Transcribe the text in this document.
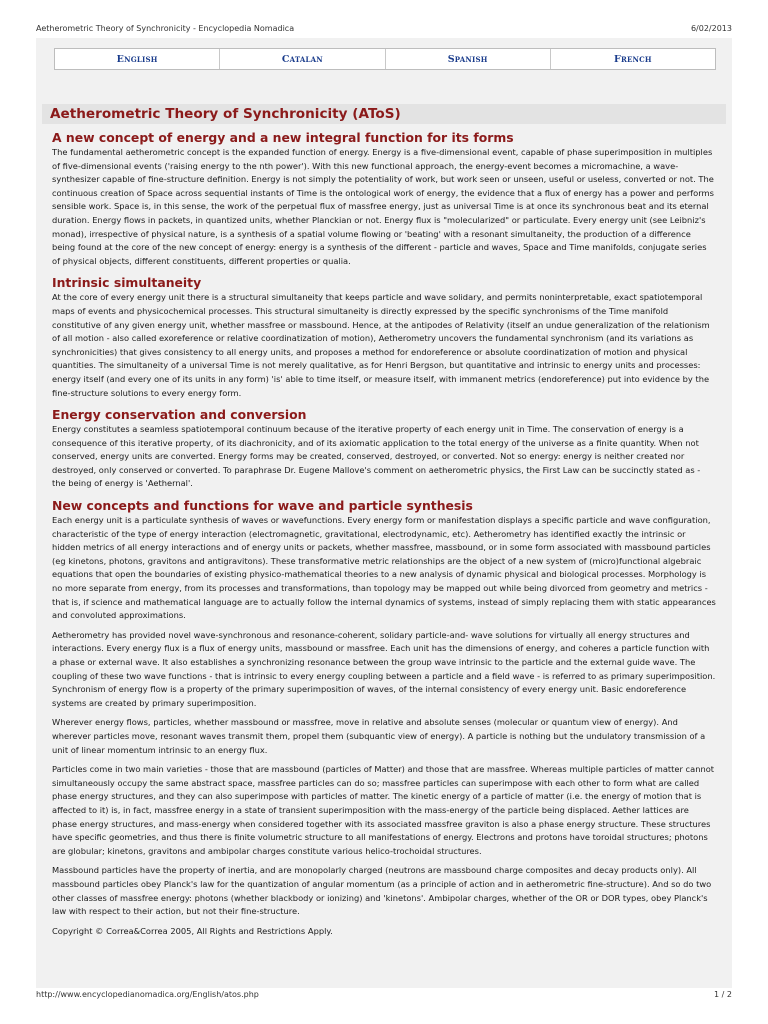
Aetherometric Theory of Synchronicity - Encyclopedia Nomadica	6/02/2013
English	Catalan	Spanish	French
Aetherometric Theory of Synchronicity (AToS)
A new concept of energy and a new integral function for its forms

The fundamental aetherometric concept is the expanded function of energy. Energy is a five-dimensional event, capable of phase superimposition in multiples of five-dimensional events ('raising energy to the nth power'). With this new functional approach, the energy-event becomes a micromachine, a wave-synthesizer capable of fine-structure definition. Energy is not simply the potentiality of work, but work seen or unseen, useful or useless, converted or not. The continuous creation of Space across sequential instants of Time is the ontological work of energy, the evidence that a flux of energy has a power and performs sensible work. Space is, in this sense, the work of the perpetual flux of massfree energy, just as universal Time is at once its synchronous beat and its eternal duration. Energy flows in packets, in quantized units, whether Planckian or not. Energy flux is "molecularized" or particulate. Every energy unit (see Leibniz's monad), irrespective of physical nature, is a synthesis of a spatial volume flowing or 'beating' with a resonant simultaneity, the production of a difference being found at the core of the new concept of energy: energy is a synthesis of the different - particle and waves, Space and Time manifolds, conjugate series of physical objects, different constituents, different properties or qualia.

Intrinsic simultaneity

At the core of every energy unit there is a structural simultaneity that keeps particle and wave solidary, and permits noninterpretable, exact spatiotemporal maps of events and physicochemical processes. This structural simultaneity is directly expressed by the specific synchronisms of the Time manifold constitutive of any given energy unit, whether massfree or massbound. Hence, at the antipodes of Relativity (itself an undue generalization of the relationism of all motion - also called exoreference or relative coordinatization of motion), Aetherometry uncovers the fundamental synchronism (and its variations as synchronicities) that gives consistency to all energy units, and proposes a method for endoreference or absolute coordinatization of motion and physical quantities. The simultaneity of a universal Time is not merely qualitative, as for Henri Bergson, but quantitative and intrinsic to energy units and processes: energy itself (and every one of its units in any form) 'is' able to time itself, or measure itself, with immanent metrics (endoreference) put into evidence by the fine-structure solutions to every energy form.

Energy conservation and conversion

Energy constitutes a seamless spatiotemporal continuum because of the iterative property of each energy unit in Time. The conservation of energy is a consequence of this iterative property, of its diachronicity, and of its axiomatic application to the total energy of the universe as a finite quantity. When not conserved, energy units are converted. Energy forms may be created, conserved, destroyed, or converted. Not so energy: energy is neither created nor destroyed, only conserved or converted. To paraphrase Dr. Eugene Mallove's comment on aetherometric physics, the First Law can be succinctly stated as - the being of energy is 'Aethernal'.

New concepts and functions for wave and particle synthesis

Each energy unit is a particulate synthesis of waves or wavefunctions. Every energy form or manifestation displays a specific particle and wave configuration, characteristic of the type of energy interaction (electromagnetic, gravitational, electrodynamic, etc). Aetherometry has identified exactly the intrinsic or hidden metrics of all energy interactions and of energy units or packets, whether massfree, massbound, or in some form associated with massbound particles (eg kinetons, photons, gravitons and antigravitons). These transformative metric relationships are the object of a new system of (micro)functional algebraic equations that open the boundaries of existing physico-mathematical theories to a new analysis of dynamic physical and biological processes. Morphology is no more separate from energy, from its processes and transformations, than topology may be mapped out while being divorced from geometry and metrics - that is, if science and mathematical language are to actually follow the internal dynamics of systems, instead of simply replacing them with static appearances and convoluted approximations.

Aetherometry has provided novel wave-synchronous and resonance-coherent, solidary particle-and- wave solutions for virtually all energy structures and interactions. Every energy flux is a flux of energy units, massbound or massfree. Each unit has the dimensions of energy, and coheres a particle function with a phase or external wave. It also establishes a synchronizing resonance between the group wave intrinsic to the particle and the external guide wave. The coupling of these two wave functions - that is intrinsic to every energy coupling between a particle and a field wave - is referred to as primary superimposition. Synchronism of energy flow is a property of the primary superimposition of waves, of the internal consistency of every energy unit. Basic endoreference systems are created by primary superimposition.

Wherever energy flows, particles, whether massbound or massfree, move in relative and absolute senses (molecular or quantum view of energy). And wherever particles move, resonant waves transmit them, propel them (subquantic view of energy). A particle is nothing but the undulatory transmission of a unit of linear momentum intrinsic to an energy flux.

Particles come in two main varieties - those that are massbound (particles of Matter) and those that are massfree. Whereas multiple particles of matter cannot simultaneously occupy the same abstract space, massfree particles can do so; massfree particles can superimpose with each other to form what are called phase energy structures, and they can also superimpose with particles of matter. The kinetic energy of a particle of matter (i.e. the energy of motion that is affected to it) is, in fact, massfree energy in a state of transient superimposition with the mass-energy of the particle being displaced. Aether lattices are phase energy structures, and mass-energy when considered together with its associated massfree graviton is also a phase energy structure. These structures have specific geometries, and thus there is finite volumetric structure to all manifestations of energy. Electrons and protons have toroidal structures; photons are globular; kinetons, gravitons and ambipolar charges constitute various helico-trochoidal structures.

Massbound particles have the property of inertia, and are monopolarly charged (neutrons are massbound charge composites and decay products only). All massbound particles obey Planck's law for the quantization of angular momentum (as a principle of action and in aetherometric fine-structure). And so do two other classes of massfree energy: photons (whether blackbody or ionizing) and 'kinetons'. Ambipolar charges, whether of the OR or DOR types, obey Planck's law with respect to their action, but not their fine-structure.

Copyright © Correa&Correa 2005, All Rights and Restrictions Apply.

http://www.encyclopedianomadica.org/English/atos.php	1 / 2
